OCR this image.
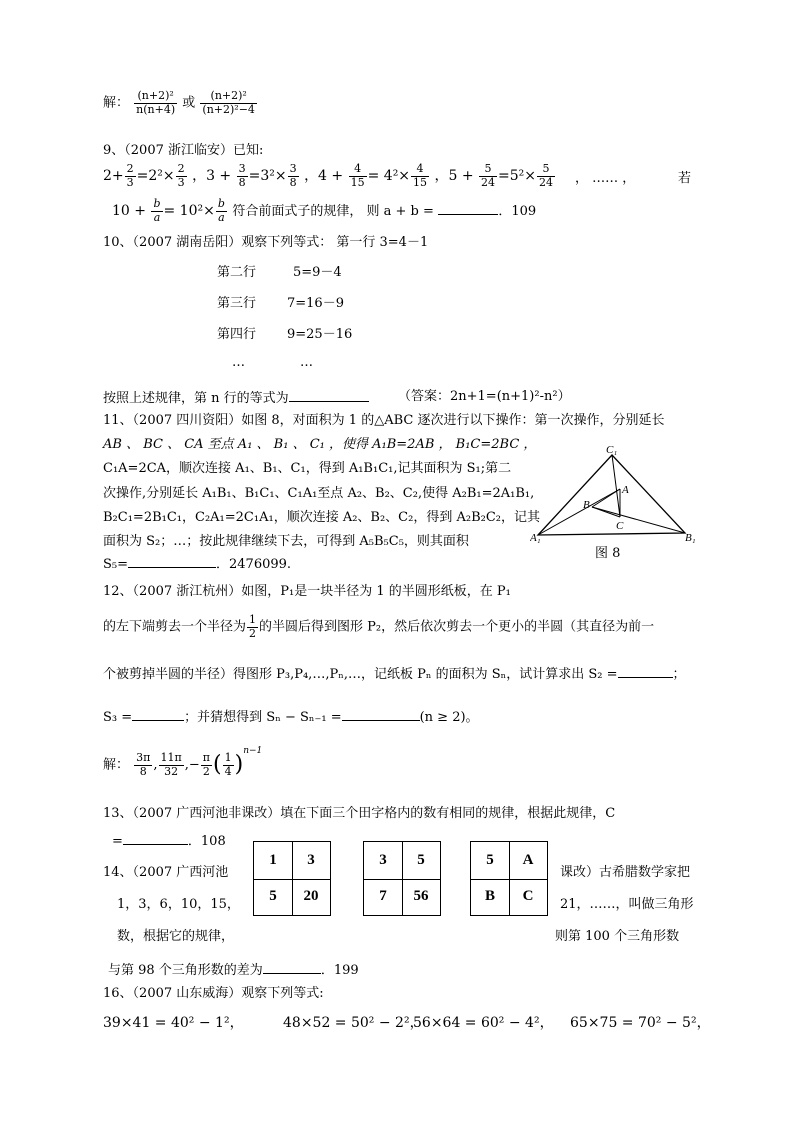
解： $\frac{\text{(n+2)²}}{n(n+4)}$ 或 $\frac{\text{(n+2)²}}{\text{(n+2)²−4}}$
9、（2007 浙江临安）已知:
$2+ \frac{2}{3} =2^2\times \frac{2}{3}$ ，$3 + \frac{3}{8} =3^2\times \frac{3}{8}$ ，$4 + \frac{4}{15} = 4^2\times \frac{4}{15}$ ，$5 + \frac{5}{24} =5^2\times \frac{5}{24}$ ， …… ，	若
$10 + \frac{b}{a} = 10^2\times \frac{b}{a}$ 符合前面式子的规律， 则 a + b =	．109
10、（2007 湖南岳阳）观察下列等式： 第一行 3=4－1
第二行	5=9－4
第三行 7=16－9
第四行 9=25－16
…	…
按照上述规律，第 n 行的等式为	（答案：2n+1=(n+1)²-n²）
11、（2007 四川资阳）如图 8，对面积为 1 的△ABC 逐次进行以下操作：第一次操作，分别延长
AB 、 BC 、 CA 至点 A₁ 、 B₁ 、 C₁ ，使得 A₁B=2AB ， B₁C=2BC ，
C₁A=2CA，顺次连接 A₁、B₁、C₁，得到 A₁B₁C₁,记其面积为 S₁;第二
次操作,分别延长 A₁B₁、B₁C₁、C₁A₁至点 A₂、B₂、C₂,使得 A₂B₁=2A₁B₁,
B₂C₁=2B₁C₁，C₂A₁=2C₁A₁，顺次连接 A₂、B₂、C₂，得到 A₂B₂C₂，记其
面积为 S₂；…；按此规律继续下去，可得到 A₅B₅C₅，则其面积
S₅=	．2476099.
C₁
A
B
C
A₁	B₁
图 8
12、（2007 浙江杭州）如图，P₁是一块半径为 1 的半圆形纸板，在 P₁
的左下端剪去一个半径为 $\frac{1}{2}$ 的半圆后得到图形 P₂，然后依次剪去一个更小的半圆（其直径为前一
个被剪掉半圆的半径）得图形 P₃,P₄,…,Pₙ,…，记纸板 Pₙ 的面积为 Sₙ，试计算求出 S₂ =	；
S₃ =	；并猜想得到 Sₙ − Sₙ₋₁ =	(n ≥ 2)。
解： $\frac{3\pi}{8}$ , $\frac{11\pi}{32}$ ,− $\frac{\pi}{2}$ ( $\frac{1}{4} )^{n-1}$
13、（2007 广西河池非课改）填在下面三个田字格内的数有相同的规律，根据此规律，C
=	．108
1	3
5	20
3	5
7	56
5	A
B	C
14、（2007 广西河池	课改）古希腊数学家把
1，3，6，10，15，	21，……，叫做三角形
数，根据它的规律，	则第 100 个三角形数
与第 98 个三角形数的差为	．199
16、（2007 山东威海）观察下列等式:
39×41 = 40² − 1²，	48×52 = 50² − 2²，
56×64 = 60² − 4²， 65×75 = 70² − 5²，
